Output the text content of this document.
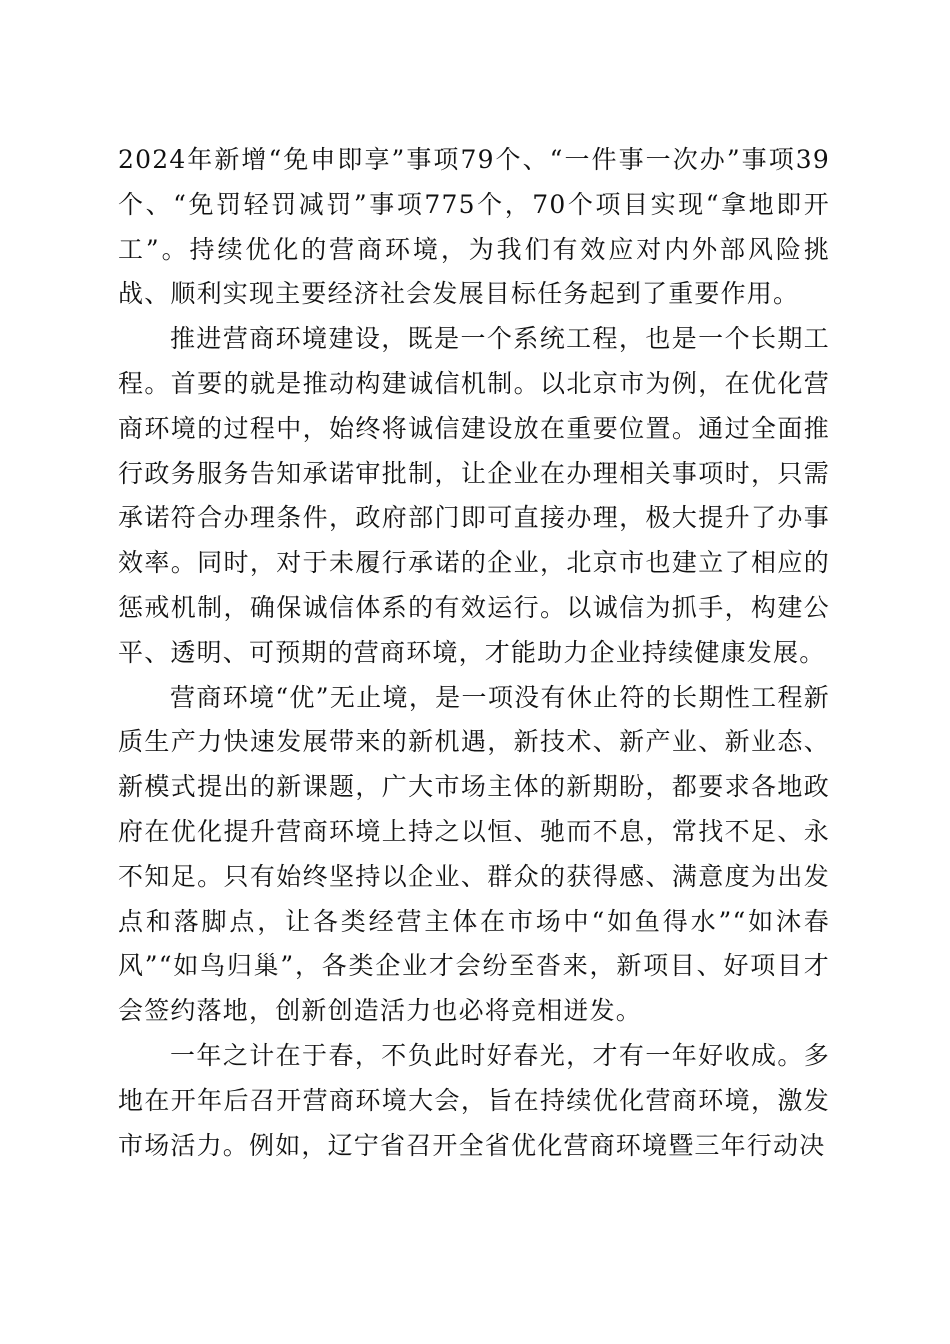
2024年新增“免申即享”事项79个、“一件事一次办”事项39个、“免罚轻罚减罚”事项775个，70个项目实现“拿地即开工”。持续优化的营商环境，为我们有效应对内外部风险挑战、顺利实现主要经济社会发展目标任务起到了重要作用。

推进营商环境建设，既是一个系统工程，也是一个长期工程。首要的就是推动构建诚信机制。以北京市为例，在优化营商环境的过程中，始终将诚信建设放在重要位置。通过全面推行政务服务告知承诺审批制，让企业在办理相关事项时，只需承诺符合办理条件，政府部门即可直接办理，极大提升了办事效率。同时，对于未履行承诺的企业，北京市也建立了相应的惩戒机制，确保诚信体系的有效运行。以诚信为抓手，构建公平、透明、可预期的营商环境，才能助力企业持续健康发展。

营商环境“优”无止境，是一项没有休止符的长期性工程新质生产力快速发展带来的新机遇，新技术、新产业、新业态、新模式提出的新课题，广大市场主体的新期盼，都要求各地政府在优化提升营商环境上持之以恒、驰而不息，常找不足、永不知足。只有始终坚持以企业、群众的获得感、满意度为出发点和落脚点，让各类经营主体在市场中“如鱼得水”“如沐春风”“如鸟归巢”，各类企业才会纷至沓来，新项目、好项目才会签约落地，创新创造活力也必将竞相迸发。

一年之计在于春，不负此时好春光，才有一年好收成。多地在开年后召开营商环境大会，旨在持续优化营商环境，激发市场活力。例如，辽宁省召开全省优化营商环境暨三年行动决
